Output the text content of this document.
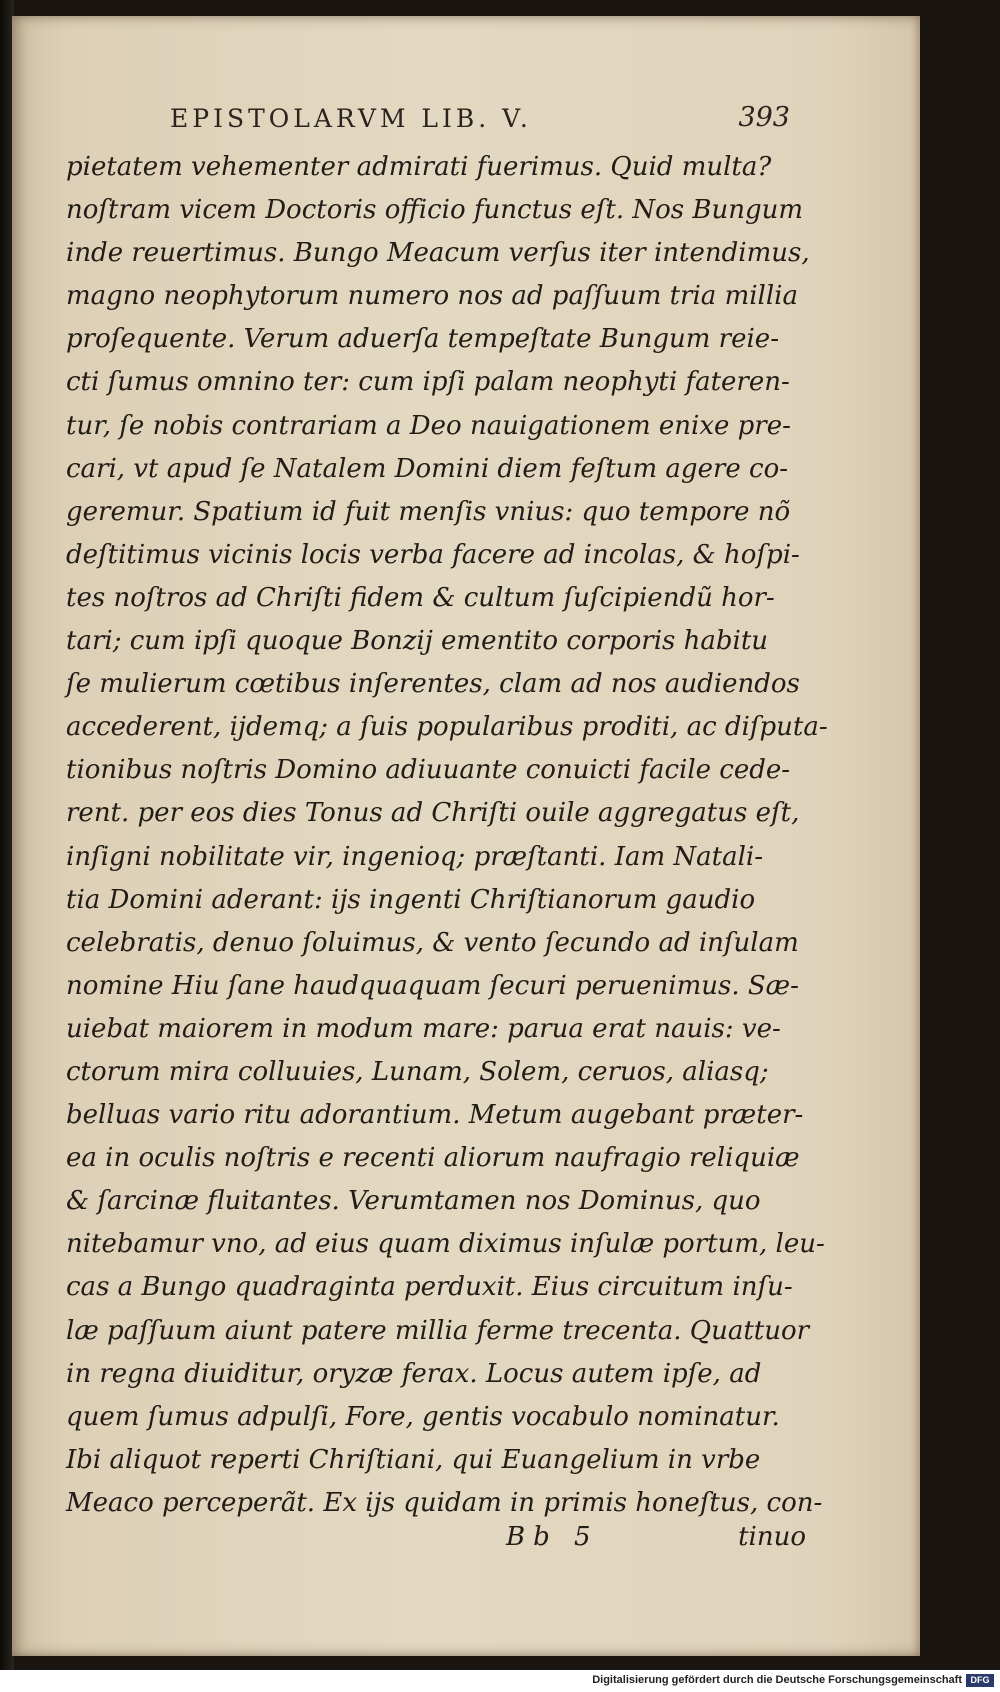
EPISTOLARVM LIB. V.	393
pietatem vehementer admirati fuerimus. Quid multa?
noſtram vicem Doctoris officio functus eſt. Nos Bungum
inde reuertimus. Bungo Meacum verſus iter intendimus,
magno neophytorum numero nos ad paſſuum tria millia
proſequente. Verum aduerſa tempeſtate Bungum reie-
cti ſumus omnino ter: cum ipſi palam neophyti fateren-
tur, ſe nobis contrariam a Deo nauigationem enixe pre-
cari, vt apud ſe Natalem Domini diem feſtum agere co-
geremur. Spatium id fuit menſis vnius: quo tempore nõ
deſtitimus vicinis locis verba facere ad incolas, & hoſpi-
tes noſtros ad Chriſti fidem & cultum ſuſcipiendũ hor-
tari; cum ipſi quoque Bonzij ementito corporis habitu
ſe mulierum cœtibus inſerentes, clam ad nos audiendos
accederent, ijdemq; a ſuis popularibus proditi, ac diſputa-
tionibus noſtris Domino adiuuante conuicti facile cede-
rent. per eos dies Tonus ad Chriſti ouile aggregatus eſt,
inſigni nobilitate vir, ingenioq; præſtanti. Iam Natali-
tia Domini aderant: ijs ingenti Chriſtianorum gaudio
celebratis, denuo ſoluimus, & vento ſecundo ad inſulam
nomine Hiu ſane haudquaquam ſecuri peruenimus. Sæ-
uiebat maiorem in modum mare: parua erat nauis: ve-
ctorum mira colluuies, Lunam, Solem, ceruos, aliasq;
belluas vario ritu adorantium. Metum augebant præter-
ea in oculis noſtris e recenti aliorum naufragio reliquiæ
& ſarcinæ fluitantes. Verumtamen nos Dominus, quo
nitebamur vno, ad eius quam diximus inſulæ portum, leu-
cas a Bungo quadraginta perduxit. Eius circuitum inſu-
læ paſſuum aiunt patere millia ferme trecenta. Quattuor
in regna diuiditur, oryzæ ferax. Locus autem ipſe, ad
quem ſumus adpulſi, Fore, gentis vocabulo nominatur.
Ibi aliquot reperti Chriſtiani, qui Euangelium in vrbe
Meaco perceperãt. Ex ijs quidam in primis honeſtus, con-
Bb 5	tinuo
Digitalisierung gefördert durch die Deutsche Forschungsgemeinschaft DFG
